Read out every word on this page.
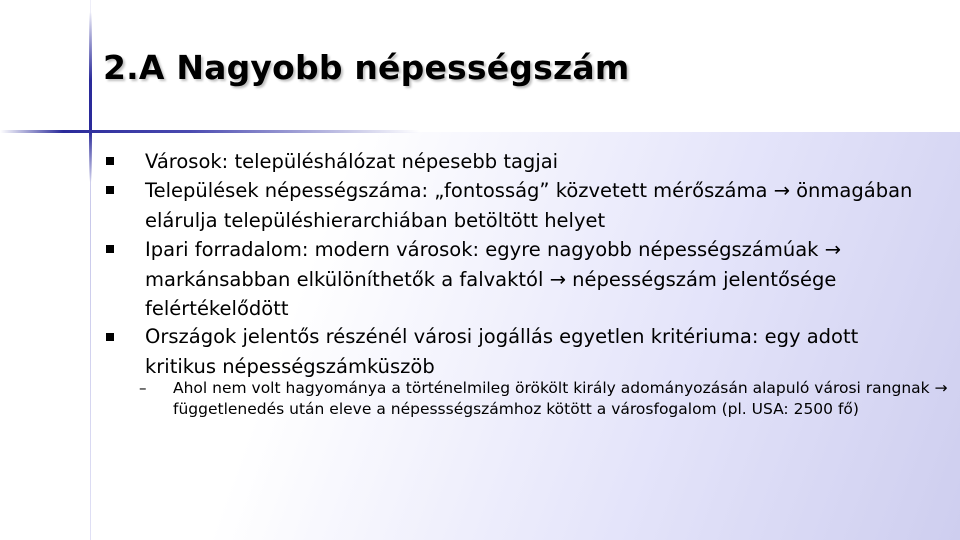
2.A Nagyobb népességszám

Városok: településhálózat népesebb tagjai

Települések népességszáma: „fontosság” közvetett mérőszáma → önmagában elárulja településhierarchiában betöltött helyet

Ipari forradalom: modern városok: egyre nagyobb népességszámúak → markánsabban elkülöníthetők a falvaktól → népességszám jelentősége felértékelődött

Országok jelentős részénél városi jogállás egyetlen kritériuma: egy adott kritikus népességszámküszöb

– Ahol nem volt hagyománya a történelmileg örökölt király adományozásán alapuló városi rangnak → függetlenedés után eleve a népessségszámhoz kötött a városfogalom (pl. USA: 2500 fő)
